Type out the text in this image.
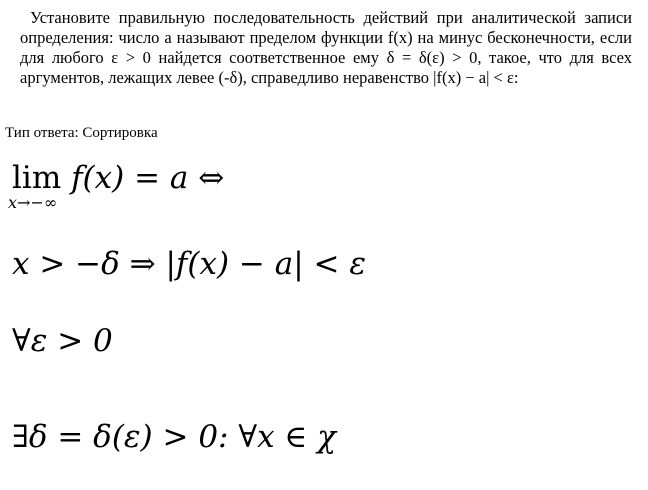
Установите правильную последовательность действий при аналитической записи определения: число a называют пределом функции f(x) на минус бесконечности, если для любого ε > 0 найдется соответственное ему δ = δ(ε) > 0, такое, что для всех аргументов, лежащих левее (-δ), справедливо неравенство |f(x) − a| < ε:

Тип ответа: Сортировка

lim f(x) = a ⇔
x→−∞
x > −δ ⇒ |f(x) − a| < ε
∀ε > 0
∃δ = δ(ε) > 0: ∀x ∈ χ
